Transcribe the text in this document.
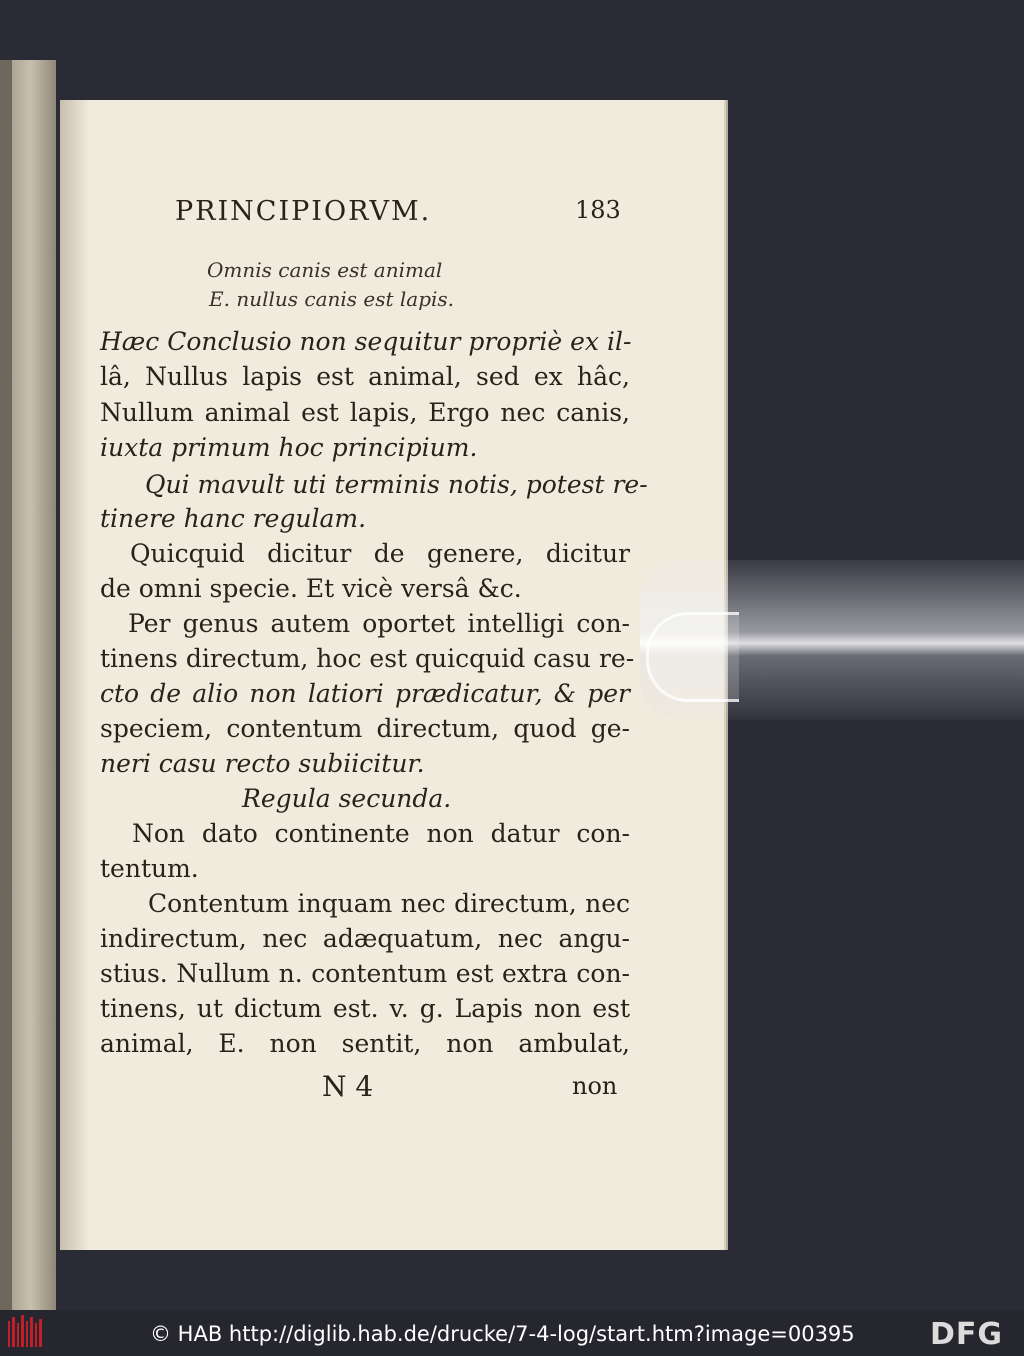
PRINCIPIORVM.	183
Omnis canis est animal
E. nullus canis est lapis.
Hæc Conclusio non sequitur propriè ex il-
lâ, Nullus lapis est animal, sed ex hâc,
Nullum animal est lapis, Ergo nec canis,
iuxta primum hoc principium.
Qui mavult uti terminis notis, potest re-
tinere hanc regulam.
Quicquid dicitur de genere, dicitur
de omni specie. Et vicè versâ &c.
Per genus autem oportet intelligi con-
tinens directum, hoc est quicquid casu re-
cto de alio non latiori prædicatur, & per
speciem, contentum directum, quod ge-
neri casu recto subiicitur.
Regula secunda.
Non dato continente non datur con-
tentum.
Contentum inquam nec directum, nec
indirectum, nec adæquatum, nec angu-
stius. Nullum n. contentum est extra con-
tinens, ut dictum est. v. g. Lapis non est
animal, E. non sentit, non ambulat,
N 4	non
© HAB http://diglib.hab.de/drucke/7-4-log/start.htm?image=00395	DFG
